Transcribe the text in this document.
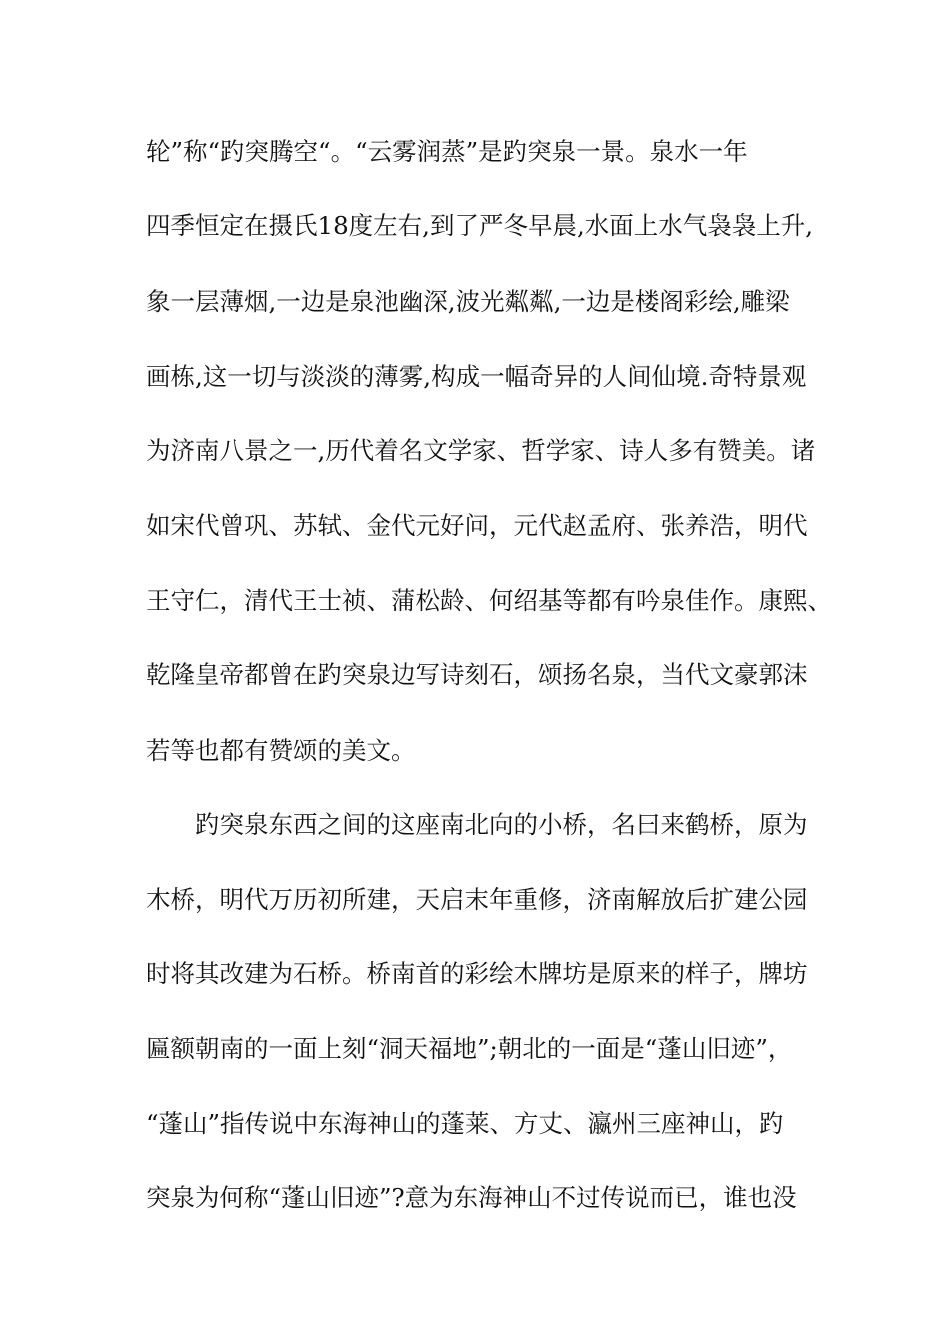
轮”称“趵突腾空“。“云雾润蒸”是趵突泉一景。泉水一年
四季恒定在摄氏18度左右,到了严冬早晨,水面上水气袅袅上升,
象一层薄烟,一边是泉池幽深,波光粼粼,一边是楼阁彩绘,雕梁
画栋,这一切与淡淡的薄雾,构成一幅奇异的人间仙境.奇特景观
为济南八景之一,历代着名文学家、哲学家、诗人多有赞美。诸
如宋代曾巩、苏轼、金代元好问，元代赵孟府、张养浩，明代
王守仁，清代王士祯、蒲松龄、何绍基等都有吟泉佳作。康熙、
乾隆皇帝都曾在趵突泉边写诗刻石，颂扬名泉，当代文豪郭沫
若等也都有赞颂的美文。
　　趵突泉东西之间的这座南北向的小桥，名曰来鹤桥，原为
木桥，明代万历初所建，天启末年重修，济南解放后扩建公园
时将其改建为石桥。桥南首的彩绘木牌坊是原来的样子，牌坊
匾额朝南的一面上刻“洞天福地”;朝北的一面是“蓬山旧迹”，
“蓬山”指传说中东海神山的蓬莱、方丈、瀛州三座神山，趵
突泉为何称“蓬山旧迹”?意为东海神山不过传说而已，谁也没
